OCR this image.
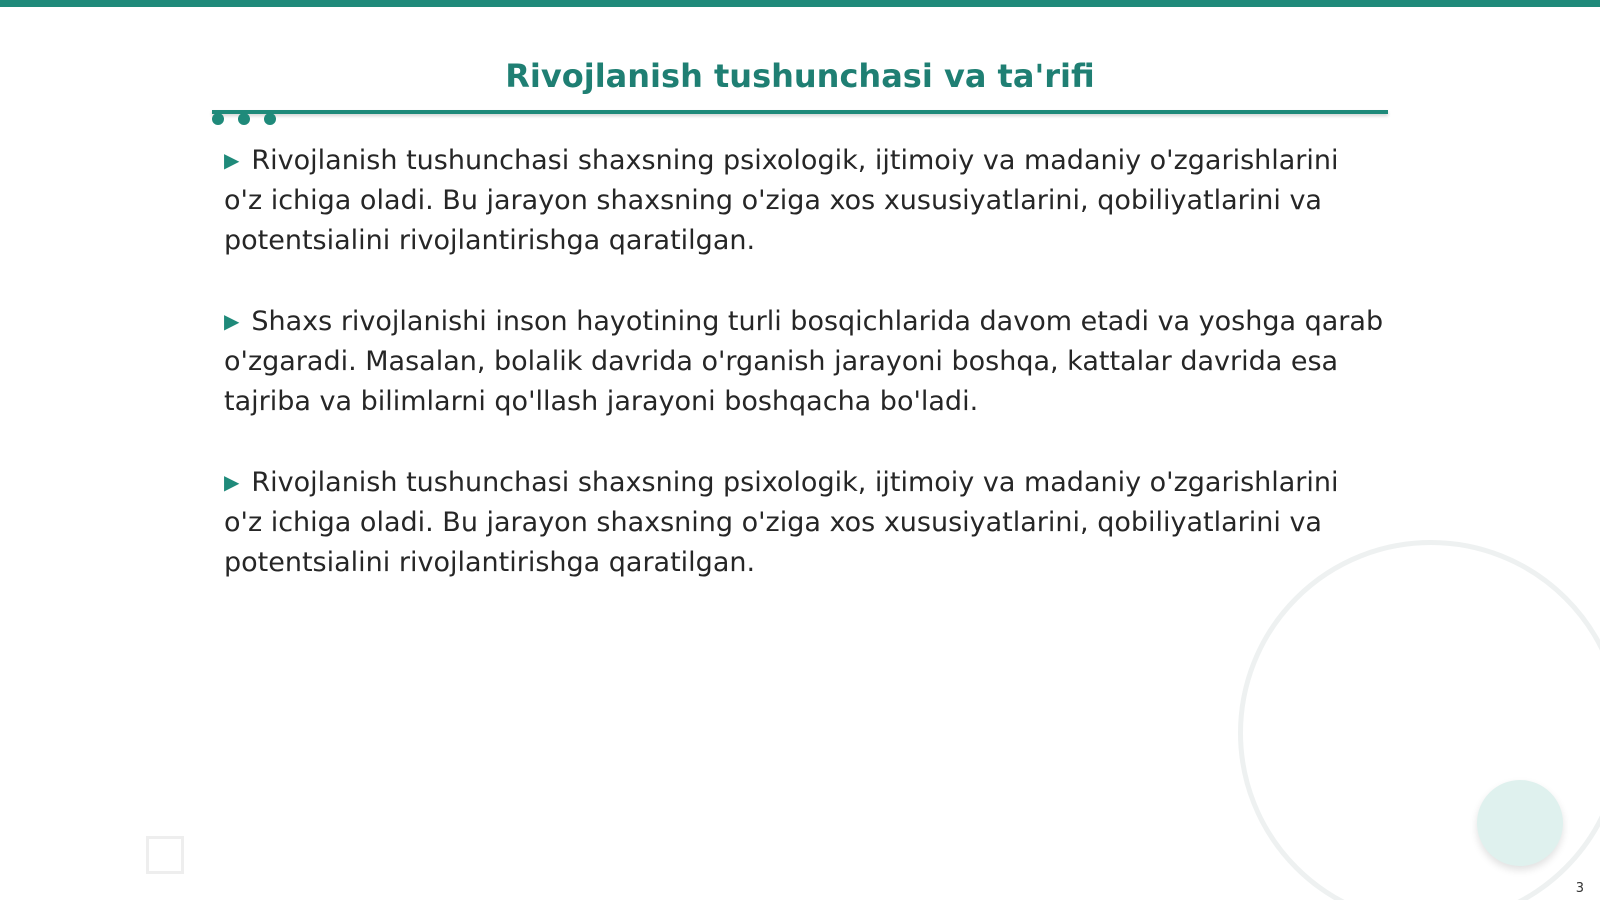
Rivojlanish tushunchasi va ta'rifi

▶ Rivojlanish tushunchasi shaxsning psixologik, ijtimoiy va madaniy o'zgarishlarini o'z ichiga oladi. Bu jarayon shaxsning o'ziga xos xususiyatlarini, qobiliyatlarini va potentsialini rivojlantirishga qaratilgan.

▶ Shaxs rivojlanishi inson hayotining turli bosqichlarida davom etadi va yoshga qarab o'zgaradi. Masalan, bolalik davrida o'rganish jarayoni boshqa, kattalar davrida esa tajriba va bilimlarni qo'llash jarayoni boshqacha bo'ladi.

▶ Rivojlanish tushunchasi shaxsning psixologik, ijtimoiy va madaniy o'zgarishlarini o'z ichiga oladi. Bu jarayon shaxsning o'ziga xos xususiyatlarini, qobiliyatlarini va potentsialini rivojlantirishga qaratilgan.

3
